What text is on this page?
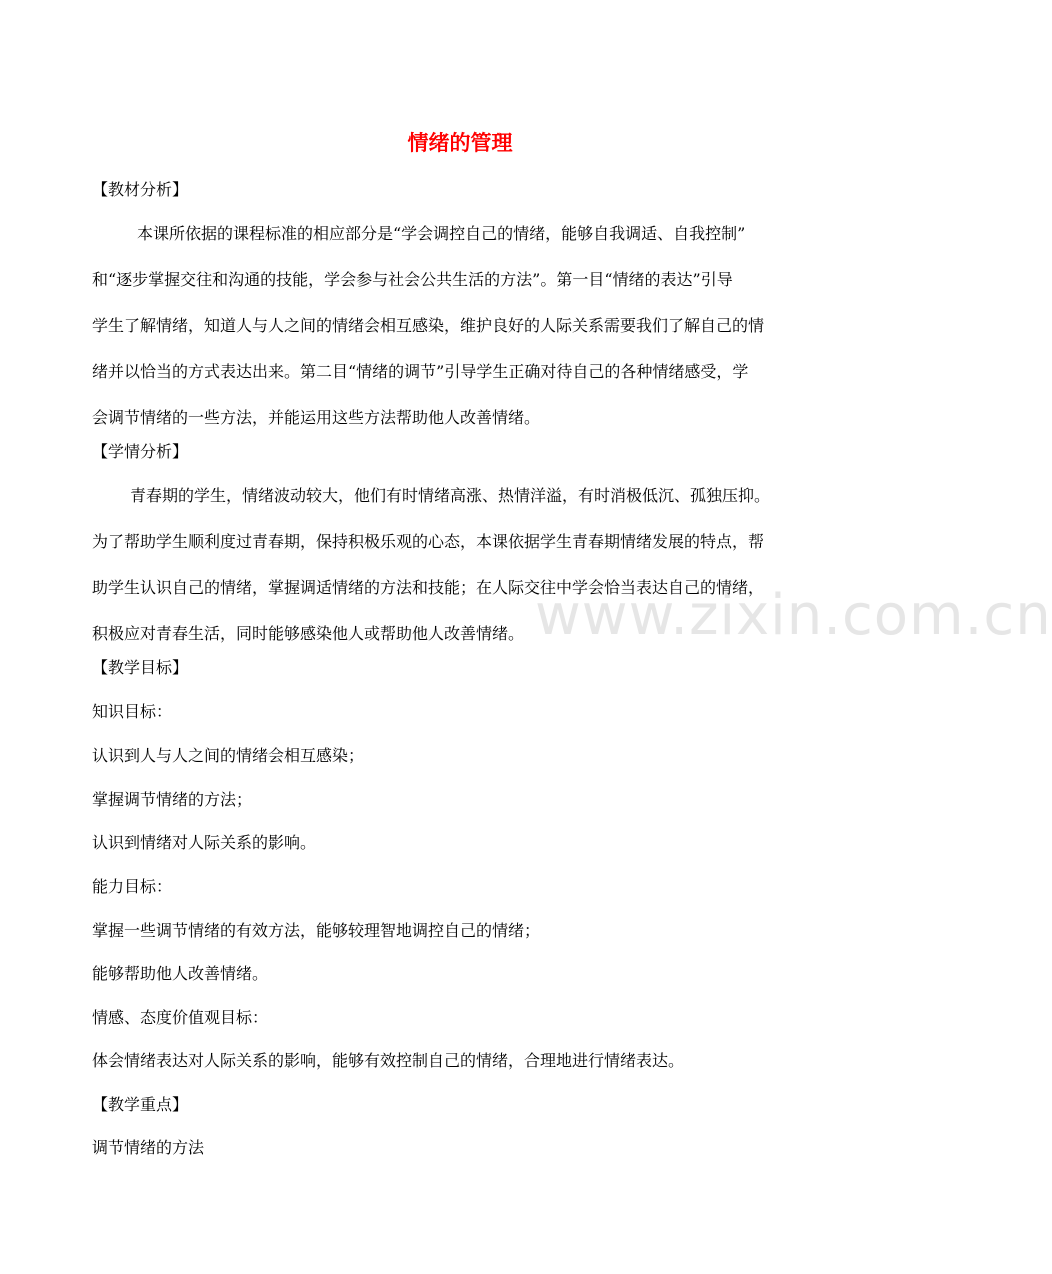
www.zixin.com.cn
情绪的管理
【教材分析】
本课所依据的课程标准的相应部分是“学会调控自己的情绪，能够自我调适、自我控制”
和“逐步掌握交往和沟通的技能，学会参与社会公共生活的方法”。第一目“情绪的表达”引导
学生了解情绪，知道人与人之间的情绪会相互感染，维护良好的人际关系需要我们了解自己的情
绪并以恰当的方式表达出来。第二目“情绪的调节”引导学生正确对待自己的各种情绪感受，学
会调节情绪的一些方法，并能运用这些方法帮助他人改善情绪。
【学情分析】
青春期的学生，情绪波动较大，他们有时情绪高涨、热情洋溢，有时消极低沉、孤独压抑。
为了帮助学生顺利度过青春期，保持积极乐观的心态，本课依据学生青春期情绪发展的特点，帮
助学生认识自己的情绪，掌握调适情绪的方法和技能；在人际交往中学会恰当表达自己的情绪，
积极应对青春生活，同时能够感染他人或帮助他人改善情绪。
【教学目标】
知识目标：
认识到人与人之间的情绪会相互感染；
掌握调节情绪的方法；
认识到情绪对人际关系的影响。
能力目标：
掌握一些调节情绪的有效方法，能够较理智地调控自己的情绪；
能够帮助他人改善情绪。
情感、态度价值观目标：
体会情绪表达对人际关系的影响，能够有效控制自己的情绪，合理地进行情绪表达。
【教学重点】
调节情绪的方法
